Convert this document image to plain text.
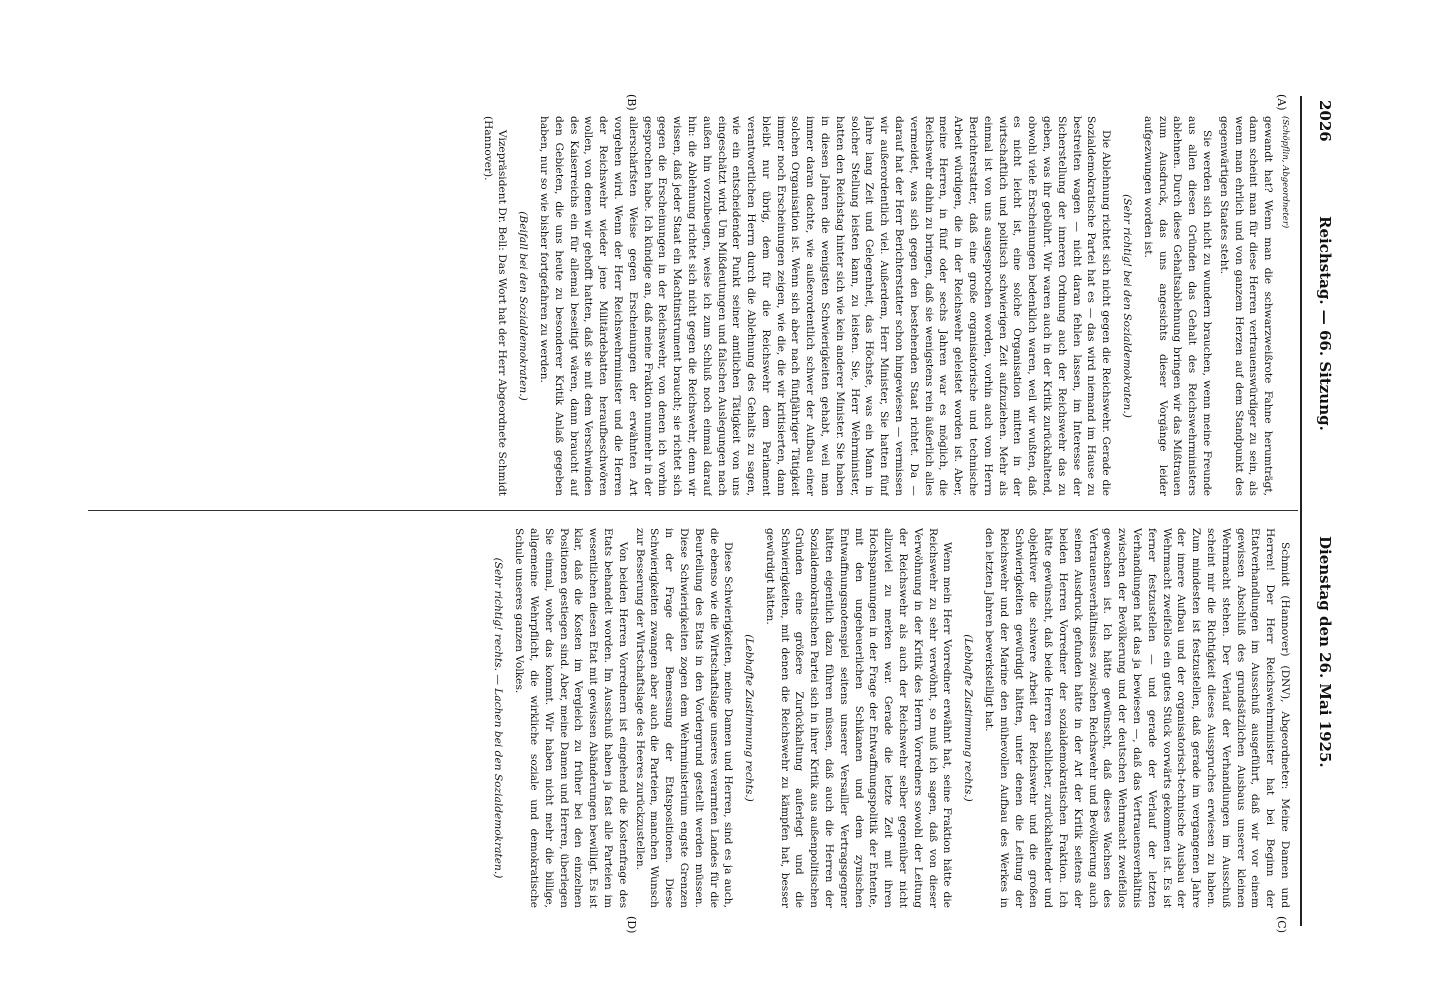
2026
Reichstag. — 66. Sitzung.
Dienstag den 26. Mai 1925.
(A)
(B)
(C)
(D)

(Schöpflin, Abgeordneter)

gewandt hat? Wenn man die schwarzweißrote Fahne herumträgt, dann scheint man für diese Herren vertrauenswürdiger zu sein, als wenn man ehrlich und von ganzem Herzen auf dem Standpunkt des gegenwärtigen Staates steht.

Sie werden sich nicht zu wundern brauchen, wenn meine Freunde aus allen diesen Gründen das Gehalt des Reichswehrministers ablehnen. Durch diese Gehaltsablehnung bringen wir das Mißtrauen zum Ausdruck, das uns angesichts dieser Vorgänge leider aufgezwungen worden ist.

(Sehr richtig! bei den Sozialdemokraten.)

Die Ablehnung richtet sich nicht gegen die Reichswehr. Gerade die Sozialdemokratische Partei hat es — das wird niemand im Hause zu bestreiten wagen — nicht daran fehlen lassen, im Interesse der Sicherstellung der inneren Ordnung auch der Reichswehr das zu geben, was ihr gebührt. Wir waren auch in der Kritik zurückhaltend, obwohl viele Erscheinungen bedenklich waren, weil wir wußten, daß es nicht leicht ist, eine solche Organisation mitten in der wirtschaftlich und politisch schwierigen Zeit aufzuziehen. Mehr als einmal ist von uns ausgesprochen worden, vorhin auch vom Herrn Berichterstatter, daß eine große organisatorische und technische Arbeit würdigen, die in der Reichswehr geleistet worden ist. Aber, meine Herren, in fünf oder sechs Jahren war es möglich, die Reichswehr dahin zu bringen, daß sie wenigstens rein äußerlich alles vermeidet, was sich gegen den bestehenden Staat richtet. Da — darauf hat der Herr Berichterstatter schon hingewiesen — vermissen wir außerordentlich viel. Außerdem, Herr Minister, Sie hatten fünf Jahre lang Zeit und Gelegenheit, das Höchste, was ein Mann in solcher Stellung leisten kann, zu leisten. Sie, Herr Wehrminister, hatten den Reichstag hinter sich wie kein anderer Minister. Sie haben in diesen Jahren die wenigsten Schwierigkeiten gehabt, weil man immer daran dachte, wie außerordentlich schwer der Aufbau einer solchen Organisation ist. Wenn sich aber nach fünfjähriger Tätigkeit immer noch Erscheinungen zeigen, wie die, die wir kritisierten, dann bleibt nur übrig, dem für die Reichswehr dem Parlament verantwortlichen Herrn durch die Ablehnung des Gehalts zu sagen, wie ein entscheidender Punkt seiner amtlichen Tätigkeit von uns eingeschätzt wird. Um Mißdeutungen und falschen Auslegungen nach außen hin vorzubeugen, weise ich zum Schluß noch einmal darauf hin: die Ablehnung richtet sich nicht gegen die Reichswehr, denn wir wissen, daß jeder Staat ein Machtinstrument braucht; sie richtet sich gegen die Erscheinungen in der Reichswehr, von denen ich vorhin gesprochen habe. Ich kündige an, daß meine Fraktion nunmehr in der allerschärfsten Weise gegen Erscheinungen der erwähnten Art vorgehen wird. Wenn der Herr Reichswehrminister und die Herren der Reichswehr wieder jene Militärdebatten heraufbeschwören wollen, von denen wir gehofft hatten, daß sie mit dem Verschwinden des Kaiserreichs ein für allemal beseitigt wären, dann braucht auf den Gebieten, die uns heute zu besonderer Kritik Anlaß gegeben haben, nur so wie bisher fortgefahren zu werden.

(Beifall bei den Sozialdemokraten.)

Vizepräsident Dr. Bell: Das Wort hat der Herr Abgeordnete Schmidt (Hannover).

Schmidt (Hannover) (DNV), Abgeordneter: Meine Damen und Herren! Der Herr Reichswehrminister hat bei Beginn der Etatverhandlungen im Ausschuß ausgeführt, daß wir vor einem gewissen Abschluß des grundsätzlichen Ausbaus unserer kleinen Wehrmacht stehen. Der Verlauf der Verhandlungen im Ausschuß scheint mir die Richtigkeit dieses Ausspruches erwiesen zu haben. Zum mindesten ist festzustellen, daß gerade im vergangenen Jahre der innere Aufbau und der organisatorisch-technische Ausbau der Wehrmacht zweifellos ein gutes Stück vorwärts gekommen ist. Es ist ferner festzustellen — und gerade der Verlauf der letzten Verhandlungen hat das ja bewiesen —, daß das Vertrauensverhältnis zwischen der Bevölkerung und der deutschen Wehrmacht zweifellos gewachsen ist. Ich hätte gewünscht, daß dieses Wachsen des Vertrauensverhältnisses zwischen Reichswehr und Bevölkerung auch seinen Ausdruck gefunden hätte in der Art der Kritik seitens der beiden Herren Vorredner der sozialdemokratischen Fraktion. Ich hätte gewünscht, daß beide Herren sachlicher, zurückhaltender und objektiver die schwere Arbeit der Reichswehr und die großen Schwierigkeiten gewürdigt hätten, unter denen die Leitung der Reichswehr und der Marine den mühevollen Aufbau des Werkes in den letzten Jahren bewerkstelligt hat.

(Lebhafte Zustimmung rechts.)

Wenn mein Herr Vorredner erwähnt hat, seine Fraktion hätte die Reichswehr zu sehr verwöhnt, so muß ich sagen, daß von dieser Verwöhnung in der Kritik des Herrn Vorredners sowohl der Leitung der Reichswehr als auch der Reichswehr selber gegenüber nicht allzuviel zu merken war. Gerade die letzte Zeit mit ihren Hochspannungen in der Frage der Entwaffnungspolitik der Entente, mit den ungeheuerlichen Schikanen und dem zynischen Entwaffnungsnotenspiel seitens unserer Versailler Vertragsgegner hätten eigentlich dazu führen müssen, daß auch die Herren der Sozialdemokratischen Partei sich in ihrer Kritik aus außenpolitischen Gründen eine größere Zurückhaltung auferlegt und die Schwierigkeiten, mit denen die Reichswehr zu kämpfen hat, besser gewürdigt hätten.

(Lebhafte Zustimmung rechts.)

Diese Schwierigkeiten, meine Damen und Herren, sind es ja auch, die ebenso wie die Wirtschaftslage unseres verarmten Landes für die Beurteilung des Etats in den Vordergrund gestellt werden müssen. Diese Schwierigkeiten zogen dem Wehrministerium engste Grenzen in der Frage der Bemessung der Etatspositionen. Diese Schwierigkeiten zwangen aber auch die Parteien, manchen Wunsch zur Besserung der Wirtschaftslage des Heeres zurückzustellen.

Von beiden Herren Vorrednern ist eingehend die Kostenfrage des Etats behandelt worden. Im Ausschuß haben ja fast alle Parteien im wesentlichen diesen Etat mit gewissen Abänderungen bewilligt. Es ist klar, daß die Kosten im Vergleich zu früher bei den einzelnen Positionen gestiegen sind. Aber, meine Damen und Herren, überlegen Sie einmal, woher das kommt. Wir haben nicht mehr die billige, allgemeine Wehrpflicht, die wirkliche soziale und demokratische Schule unseres ganzen Volkes.

(Sehr richtig! rechts. — Lachen bei den Sozialdemokraten.)
